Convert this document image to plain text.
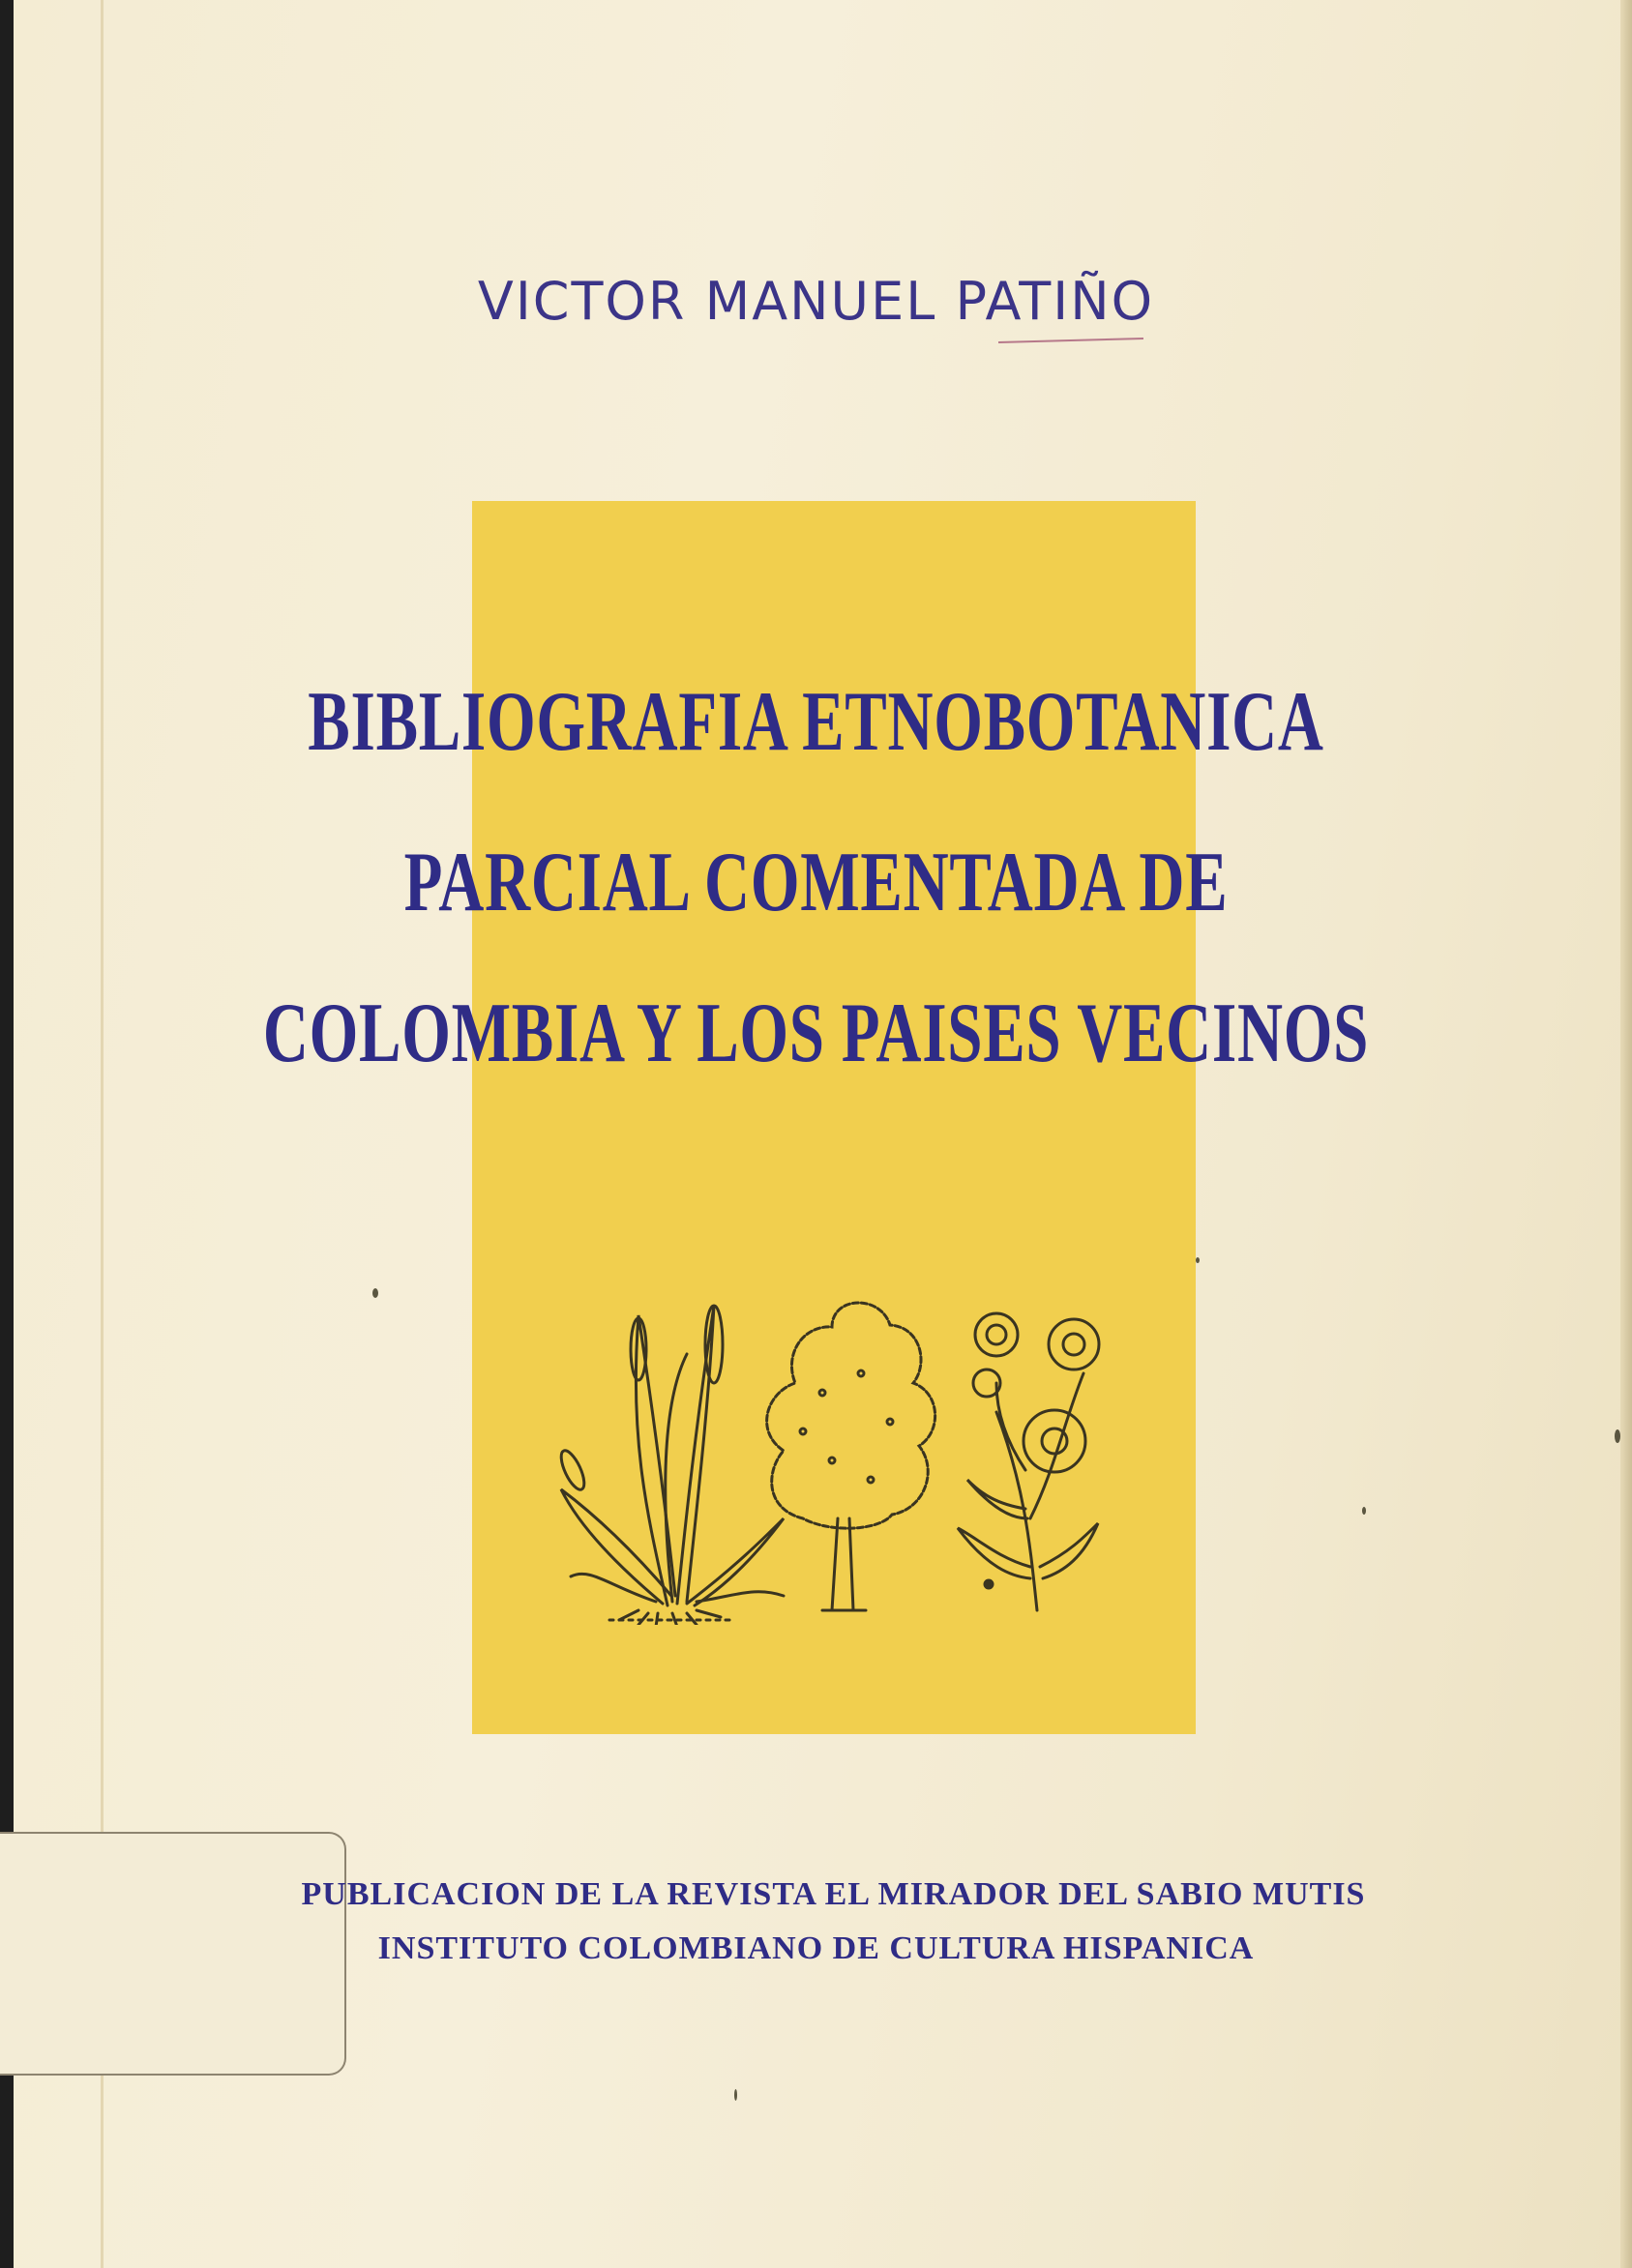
VICTOR MANUEL PATIÑO
BIBLIOGRAFIA ETNOBOTANICA
PARCIAL COMENTADA DE
COLOMBIA Y LOS PAISES VECINOS
PUBLICACION DE LA REVISTA EL MIRADOR DEL SABIO MUTIS
INSTITUTO COLOMBIANO DE CULTURA HISPANICA
